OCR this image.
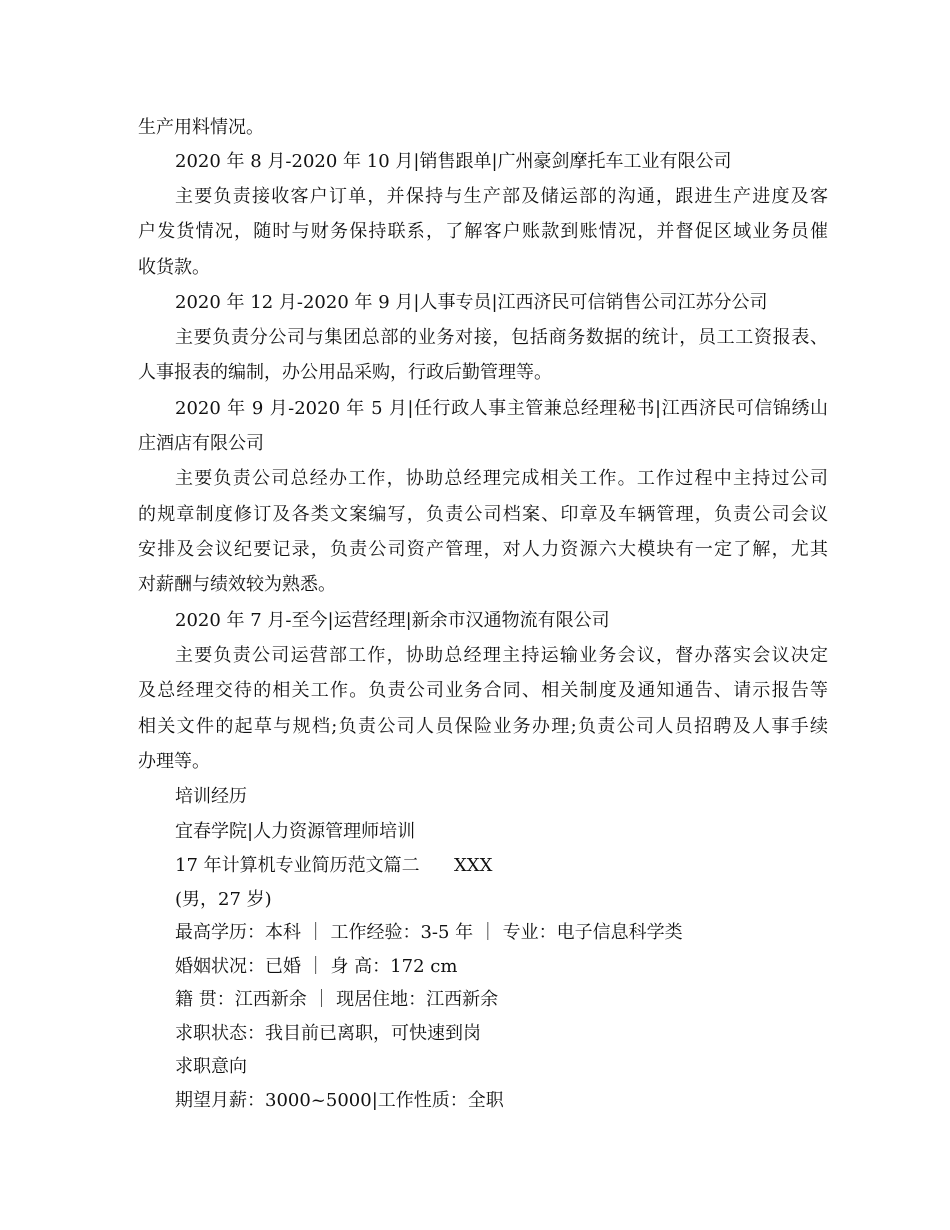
生产用料情况。
2020 年 8 月-2020 年 10 月|销售跟单|广州豪剑摩托车工业有限公司
主要负责接收客户订单，并保持与生产部及储运部的沟通，跟进生产进度及客
户发货情况，随时与财务保持联系，了解客户账款到账情况，并督促区域业务员催
收货款。
2020 年 12 月-2020 年 9 月|人事专员|江西济民可信销售公司江苏分公司
主要负责分公司与集团总部的业务对接，包括商务数据的统计，员工工资报表、
人事报表的编制，办公用品采购，行政后勤管理等。
2020 年 9 月-2020 年 5 月|任行政人事主管兼总经理秘书|江西济民可信锦绣山
庄酒店有限公司
主要负责公司总经办工作，协助总经理完成相关工作。工作过程中主持过公司
的规章制度修订及各类文案编写，负责公司档案、印章及车辆管理，负责公司会议
安排及会议纪要记录，负责公司资产管理，对人力资源六大模块有一定了解，尤其
对薪酬与绩效较为熟悉。
2020 年 7 月-至今|运营经理|新余市汉通物流有限公司
主要负责公司运营部工作，协助总经理主持运输业务会议，督办落实会议决定
及总经理交待的相关工作。负责公司业务合同、相关制度及通知通告、请示报告等
相关文件的起草与规档;负责公司人员保险业务办理;负责公司人员招聘及人事手续
办理等。
培训经历
宜春学院|人力资源管理师培训
17 年计算机专业简历范文篇二      XXX
(男，27 岁)
最高学历：本科 ｜ 工作经验：3-5 年 ｜ 专业：电子信息科学类
婚姻状况：已婚 ｜ 身 高：172 cm
籍 贯：江西新余 ｜ 现居住地：江西新余
求职状态：我目前已离职，可快速到岗
求职意向
期望月薪：3000~5000|工作性质：全职
